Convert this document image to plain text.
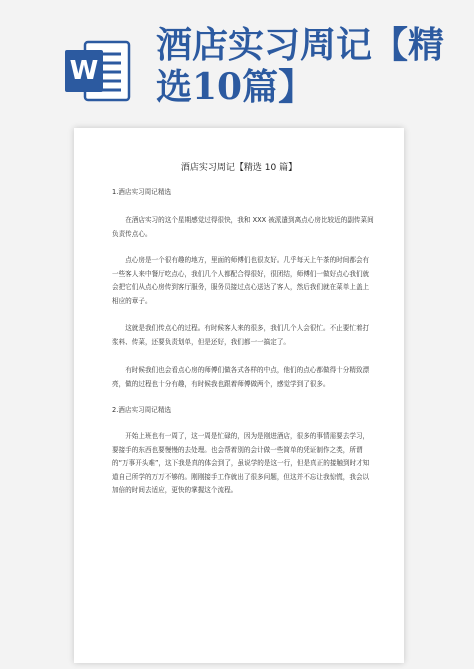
W
酒店实习周记【精选10篇】
酒店实习周记【精选 10 篇】
1.酒店实习周记精选
在酒店实习的这个星期感觉过得很快，我和 XXX 被派遣到离点心房比较近的副传菜间负责传点心。
点心房是一个很有趣的地方，里面的师傅们也很友好。几乎每天上午茶的时间都会有一些客人来中餐厅吃点心，我们几个人都配合得很好，很团结，师傅们一做好点心我们就会把它们从点心房传到客厅服务，服务员接过点心送达了客人，然后我们就在菜单上盖上相应的章子。
这就是我们传点心的过程。有时候客人来的很多，我们几个人会很忙。不止要忙着打浆料、传菜，还要负责划单，但是还好，我们都一一搞定了。
有时候我们也会看点心房的师傅们做各式各样的中点，他们的点心都做得十分精致漂亮，做的过程也十分有趣，有时候我也跟着师傅做两个，感觉学到了很多。
2.酒店实习周记精选
开始上班也有一周了，这一周是忙碌的，因为是刚进酒店，很多的事情需要去学习，要接手的东西也要慢慢的去处理。也会帮着别的会计做一些简单的凭证制作之类，所谓的“万事开头难”，这下我是真的体会到了，虽说学的是这一行，但是真正的接触到时才知道自己所学的万万不够的。刚刚接手工作就出了很多问题，但这并不忘让我惊慌，我会以加倍的时间去适应，更快的掌握这个流程。
